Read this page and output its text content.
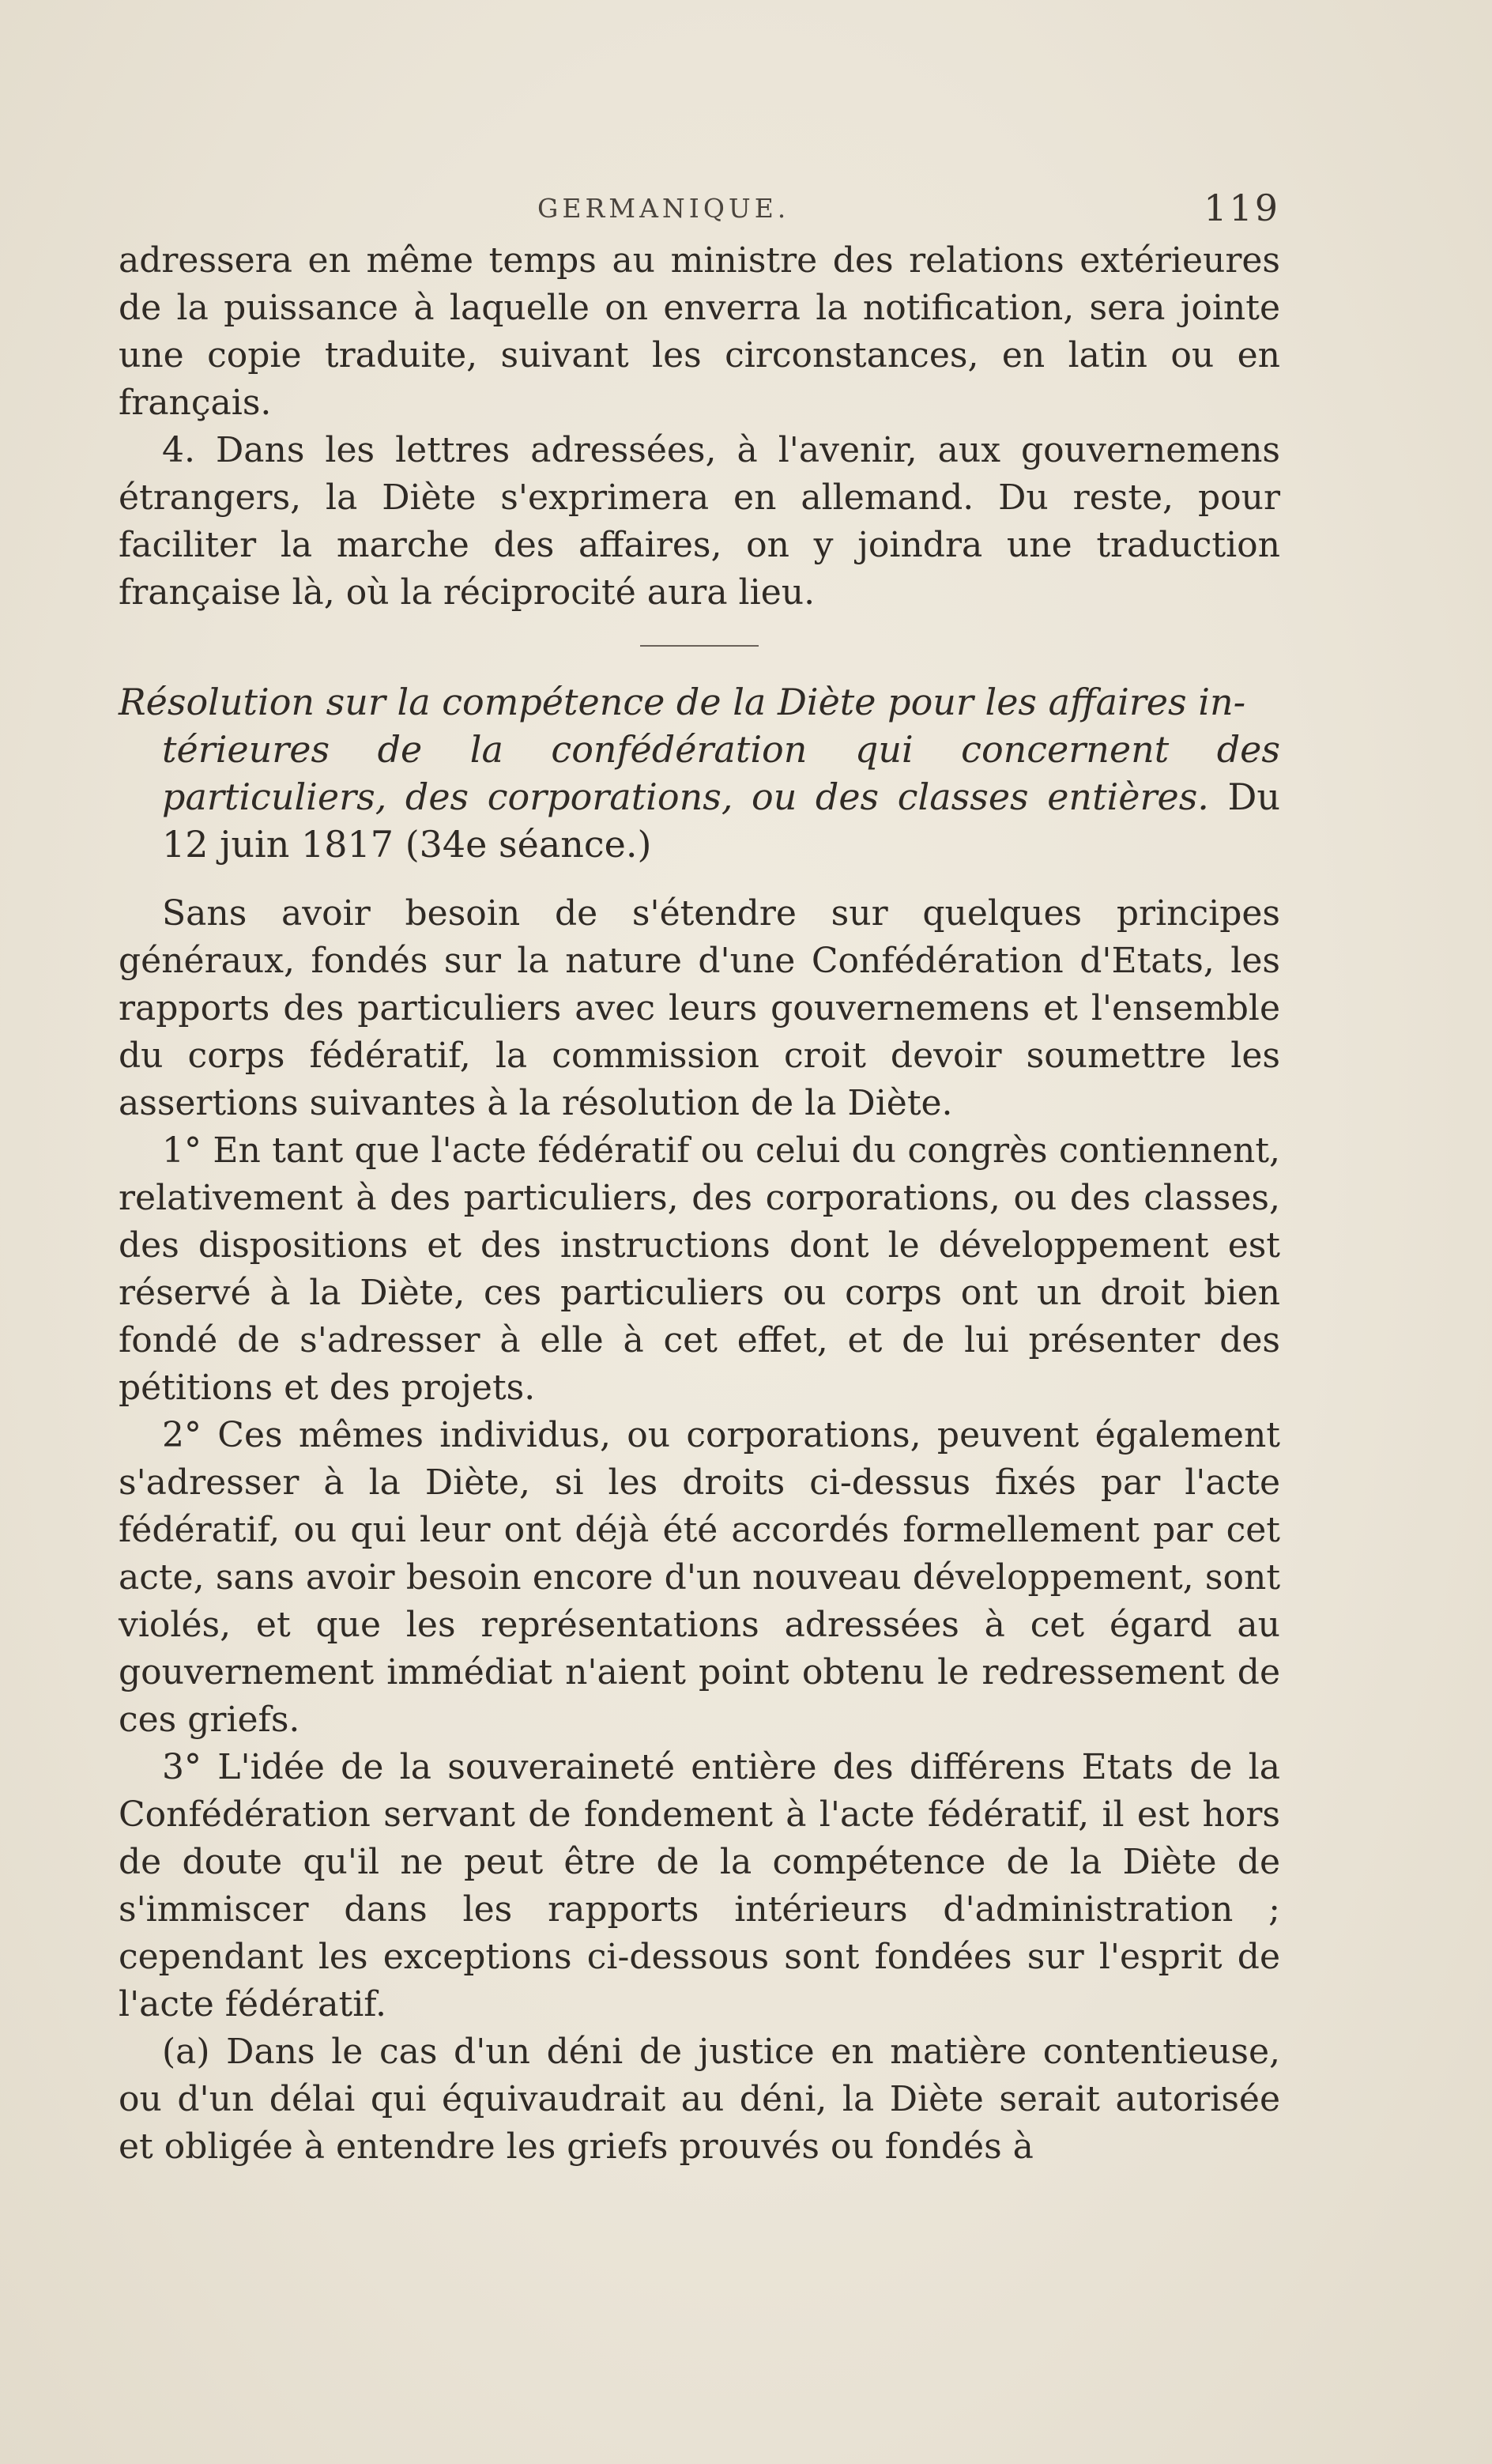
GERMANIQUE.	119

adressera en même temps au ministre des relations extérieures de la puissance à laquelle on enverra la notification, sera jointe une copie traduite, suivant les circonstances, en latin ou en français.

4. Dans les lettres adressées, à l'avenir, aux gouvernemens étrangers, la Diète s'exprimera en allemand. Du reste, pour faciliter la marche des affaires, on y joindra une traduction française là, où la réciprocité aura lieu.

Résolution sur la compétence de la Diète pour les affaires in-
térieures de la confédération qui concernent des particuliers, des corporations, ou des classes entières. Du 12 juin 1817 (34e séance.)

Sans avoir besoin de s'étendre sur quelques principes généraux, fondés sur la nature d'une Confédération d'Etats, les rapports des particuliers avec leurs gouvernemens et l'ensemble du corps fédératif, la commission croit devoir soumettre les assertions suivantes à la résolution de la Diète.

1° En tant que l'acte fédératif ou celui du congrès contiennent, relativement à des particuliers, des corporations, ou des classes, des dispositions et des instructions dont le développement est réservé à la Diète, ces particuliers ou corps ont un droit bien fondé de s'adresser à elle à cet effet, et de lui présenter des pétitions et des projets.

2° Ces mêmes individus, ou corporations, peuvent également s'adresser à la Diète, si les droits ci-dessus fixés par l'acte fédératif, ou qui leur ont déjà été accordés formellement par cet acte, sans avoir besoin encore d'un nouveau développement, sont violés, et que les représentations adressées à cet égard au gouvernement immédiat n'aient point obtenu le redressement de ces griefs.

3° L'idée de la souveraineté entière des différens Etats de la Confédération servant de fondement à l'acte fédératif, il est hors de doute qu'il ne peut être de la compétence de la Diète de s'immiscer dans les rapports intérieurs d'administration ; cependant les exceptions ci-dessous sont fondées sur l'esprit de l'acte fédératif.

(a) Dans le cas d'un déni de justice en matière contentieuse, ou d'un délai qui équivaudrait au déni, la Diète serait autorisée et obligée à entendre les griefs prouvés ou fondés à
